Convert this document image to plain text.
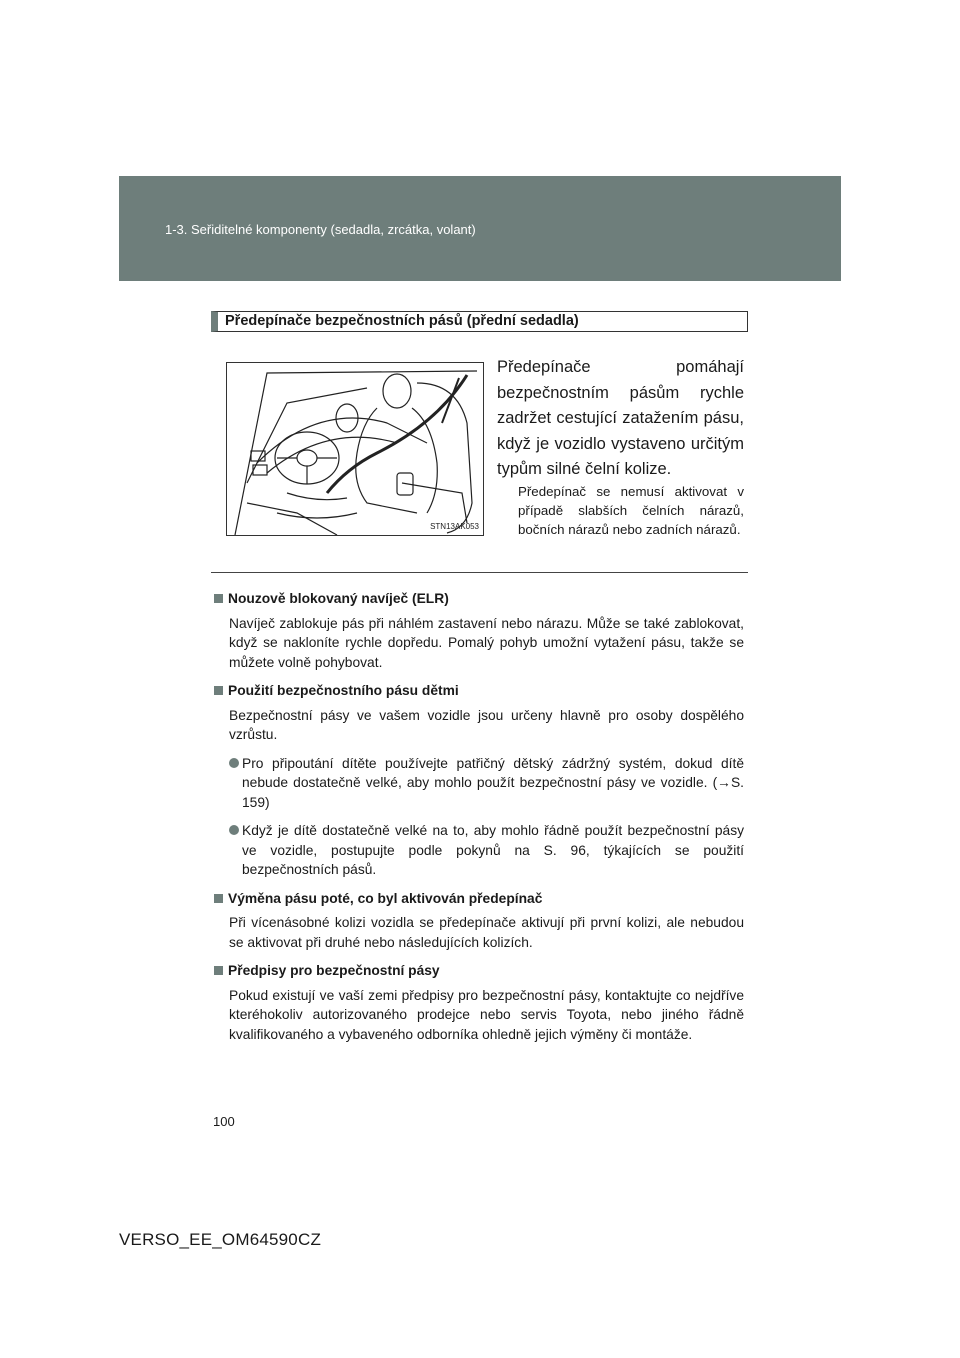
1-3. Seřiditelné komponenty (sedadla, zrcátka, volant)
Předepínače bezpečnostních pásů (přední sedadla)
STN13AK053
Předepínače pomáhají bezpečnostním pásům rychle zadržet cestující zatažením pásu, když je vozidlo vystaveno určitým typům silné čelní kolize.
Předepínač se nemusí aktivovat v případě slabších čelních nárazů, bočních nárazů nebo zadních nárazů.
Nouzově blokovaný navíječ (ELR)
Navíječ zablokuje pás při náhlém zastavení nebo nárazu. Může se také zablokovat, když se nakloníte rychle dopředu. Pomalý pohyb umožní vytažení pásu, takže se můžete volně pohybovat.
Použití bezpečnostního pásu dětmi
Bezpečnostní pásy ve vašem vozidle jsou určeny hlavně pro osoby dospělého vzrůstu.
Pro připoutání dítěte používejte patřičný dětský zádržný systém, dokud dítě nebude dostatečně velké, aby mohlo použít bezpečnostní pásy ve vozidle. (→S. 159)
Když je dítě dostatečně velké na to, aby mohlo řádně použít bezpečnostní pásy ve vozidle, postupujte podle pokynů na S. 96, týkajících se použití bezpečnostních pásů.
Výměna pásu poté, co byl aktivován předepínač
Při vícenásobné kolizi vozidla se předepínače aktivují při první kolizi, ale nebudou se aktivovat při druhé nebo následujících kolizích.
Předpisy pro bezpečnostní pásy
Pokud existují ve vaší zemi předpisy pro bezpečnostní pásy, kontaktujte co nejdříve kteréhokoliv autorizovaného prodejce nebo servis Toyota, nebo jiného řádně kvalifikovaného a vybaveného odborníka ohledně jejich výměny či montáže.
100
VERSO_EE_OM64590CZ
